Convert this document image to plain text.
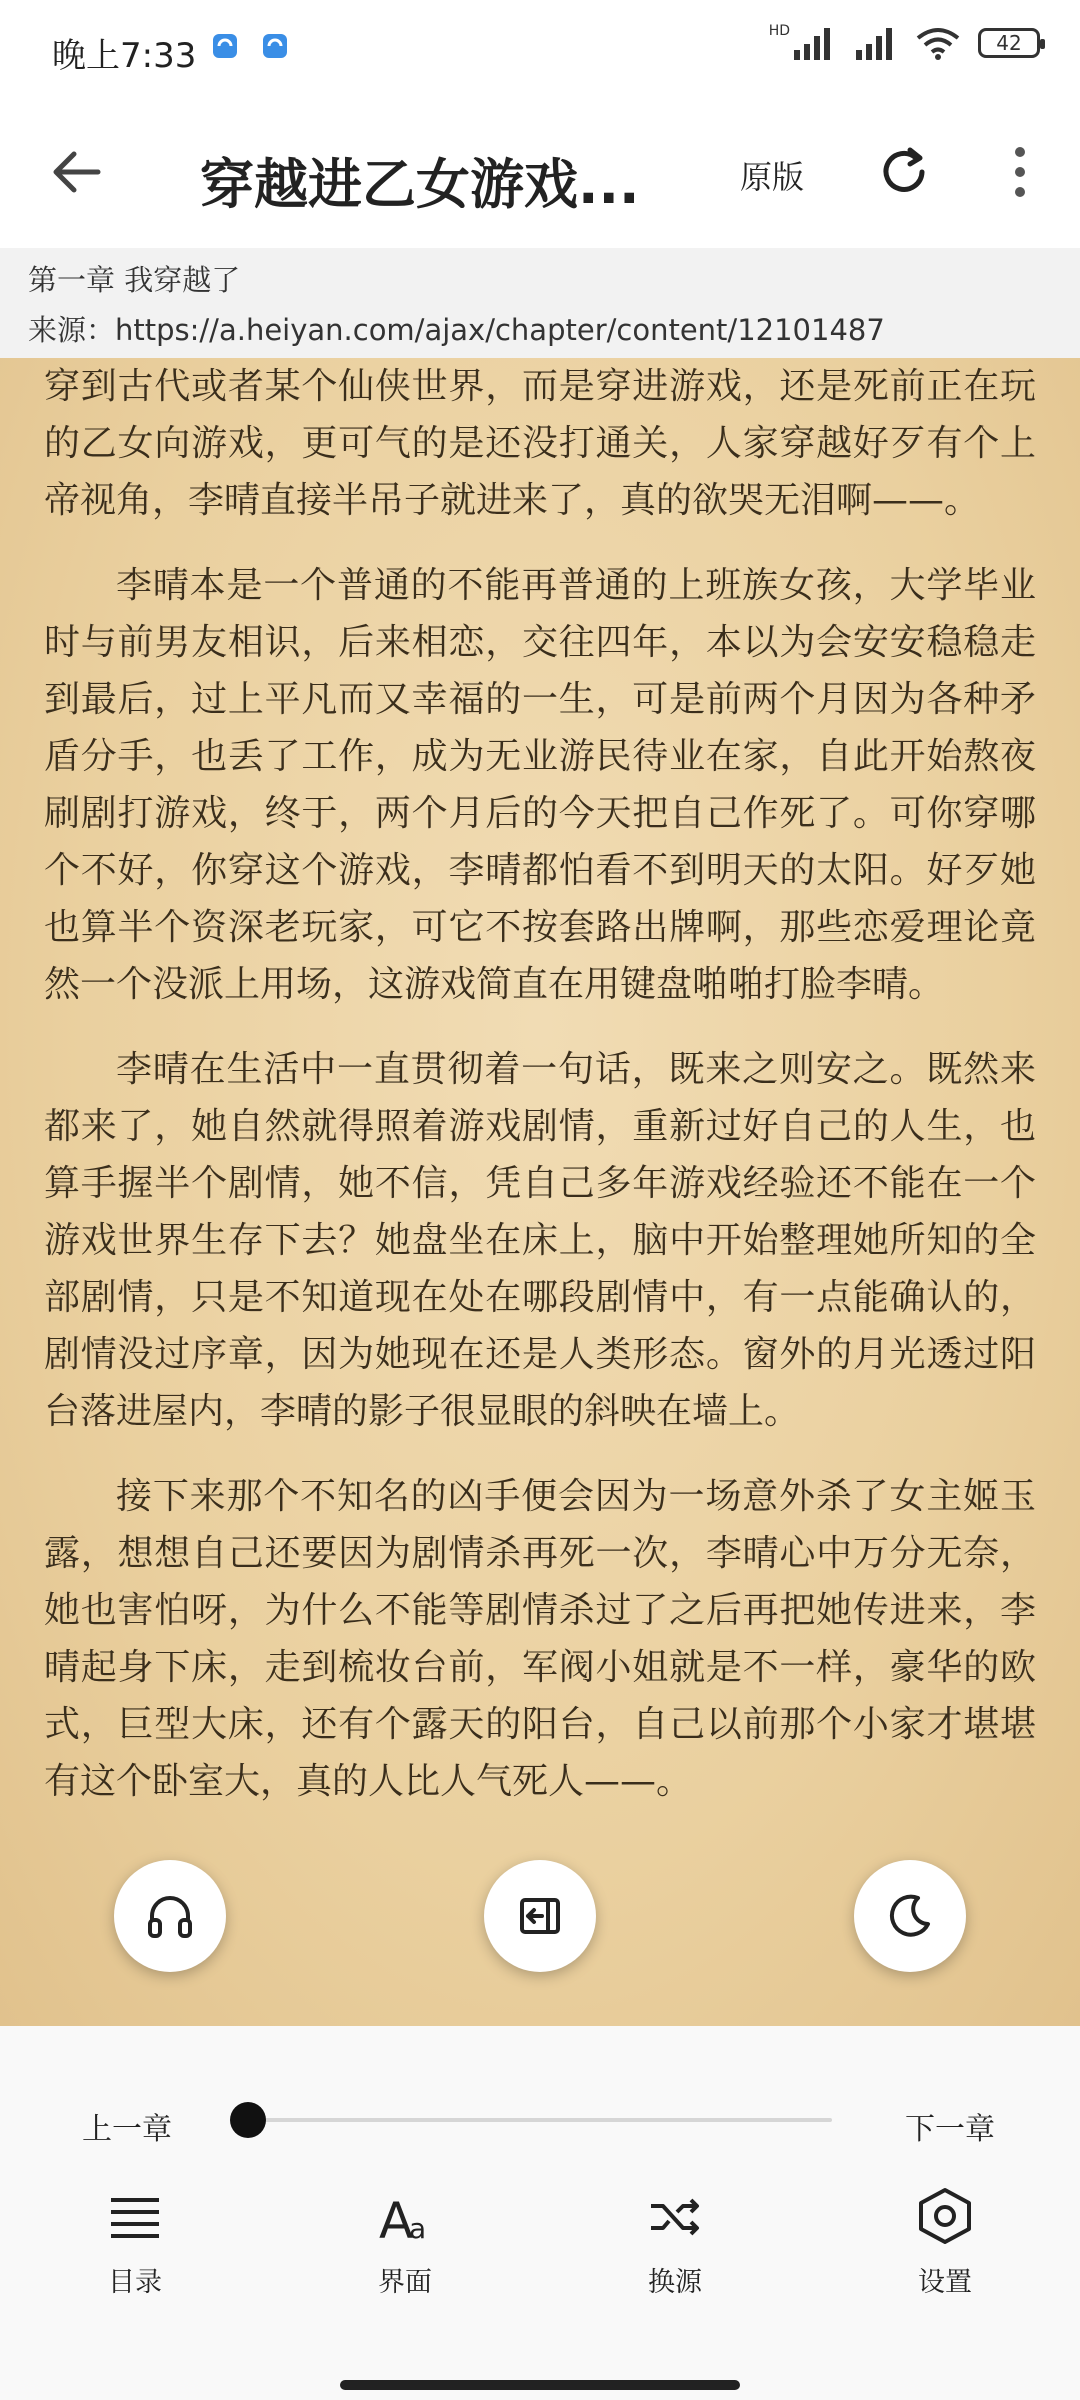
晚上7:33
HD	42
穿越进乙女游戏...	原版
第一章 我穿越了
来源：https://a.heiyan.com/ajax/chapter/content/12101487

穿到古代或者某个仙侠世界，而是穿进游戏，还是死前正在玩的乙女向游戏，更可气的是还没打通关，人家穿越好歹有个上帝视角，李晴直接半吊子就进来了，真的欲哭无泪啊——。

李晴本是一个普通的不能再普通的上班族女孩，大学毕业时与前男友相识，后来相恋，交往四年，本以为会安安稳稳走到最后，过上平凡而又幸福的一生，可是前两个月因为各种矛盾分手，也丢了工作，成为无业游民待业在家，自此开始熬夜刷剧打游戏，终于，两个月后的今天把自己作死了。可你穿哪个不好，你穿这个游戏，李晴都怕看不到明天的太阳。好歹她也算半个资深老玩家，可它不按套路出牌啊，那些恋爱理论竟然一个没派上用场，这游戏简直在用键盘啪啪打脸李晴。

李晴在生活中一直贯彻着一句话，既来之则安之。既然来都来了，她自然就得照着游戏剧情，重新过好自己的人生，也算手握半个剧情，她不信，凭自己多年游戏经验还不能在一个游戏世界生存下去？她盘坐在床上，脑中开始整理她所知的全部剧情，只是不知道现在处在哪段剧情中，有一点能确认的，剧情没过序章，因为她现在还是人类形态。窗外的月光透过阳台落进屋内，李晴的影子很显眼的斜映在墙上。

接下来那个不知名的凶手便会因为一场意外杀了女主姬玉露，想想自己还要因为剧情杀再死一次，李晴心中万分无奈，她也害怕呀，为什么不能等剧情杀过了之后再把她传进来，李晴起身下床，走到梳妆台前，军阀小姐就是不一样，豪华的欧式，巨型大床，还有个露天的阳台，自己以前那个小家才堪堪有这个卧室大，真的人比人气死人——。

上一章	下一章
目录
A
a
界面	换源	设置
